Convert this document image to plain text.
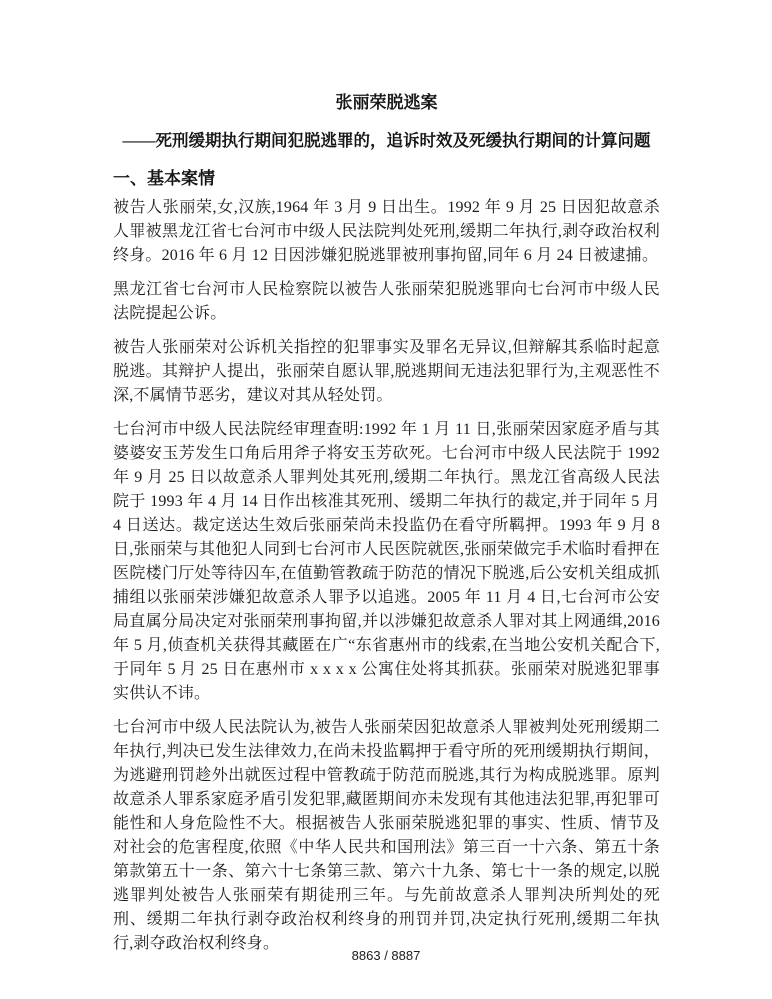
张丽荣脱逃案
——死刑缓期执行期间犯脱逃罪的，追诉时效及死缓执行期间的计算问题
一、基本案情
被告人张丽荣,女,汉族,1964 年 3 月 9 日出生。1992 年 9 月 25 日因犯故意杀人罪被黑龙江省七台河市中级人民法院判处死刑,缓期二年执行,剥夺政治权利终身。2016 年 6 月 12 日因涉嫌犯脱逃罪被刑事拘留,同年 6 月 24 日被逮捕。
黑龙江省七台河市人民检察院以被告人张丽荣犯脱逃罪向七台河市中级人民法院提起公诉。
被告人张丽荣对公诉机关指控的犯罪事实及罪名无异议,但辩解其系临时起意脱逃。其辩护人提出，张丽荣自愿认罪,脱逃期间无违法犯罪行为,主观恶性不深,不属情节恶劣，建议对其从轻处罚。
七台河市中级人民法院经审理查明:1992 年 1 月 11 日,张丽荣因家庭矛盾与其婆婆安玉芳发生口角后用斧子将安玉芳砍死。七台河市中级人民法院于 1992 年 9 月 25 日以故意杀人罪判处其死刑,缓期二年执行。黑龙江省高级人民法院于 1993 年 4 月 14 日作出核准其死刑、缓期二年执行的裁定,并于同年 5 月 4 日送达。裁定送达生效后张丽荣尚未投监仍在看守所羁押。1993 年 9 月 8 日,张丽荣与其他犯人同到七台河市人民医院就医,张丽荣做完手术临时看押在医院楼门厅处等待囚车,在值勤管教疏于防范的情况下脱逃,后公安机关组成抓捕组以张丽荣涉嫌犯故意杀人罪予以追逃。2005 年 11 月 4 日,七台河市公安局直属分局决定对张丽荣刑事拘留,并以涉嫌犯故意杀人罪对其上网通缉,2016 年 5 月,侦查机关获得其藏匿在广“东省惠州市的线索,在当地公安机关配合下,于同年 5 月 25 日在惠州市 x x x x 公寓住处将其抓获。张丽荣对脱逃犯罪事实供认不讳。
七台河市中级人民法院认为,被告人张丽荣因犯故意杀人罪被判处死刑缓期二年执行,判决已发生法律效力,在尚未投监羁押于看守所的死刑缓期执行期间，为逃避刑罚趁外出就医过程中管教疏于防范而脱逃,其行为构成脱逃罪。原判故意杀人罪系家庭矛盾引发犯罪,藏匿期间亦未发现有其他违法犯罪,再犯罪可能性和人身危险性不大。根据被告人张丽荣脱逃犯罪的事实、性质、情节及对社会的危害程度,依照《中华人民共和国刑法》第三百一十六条、第五十条第款第五十一条、第六十七条第三款、第六十九条、第七十一条的规定,以脱逃罪判处被告人张丽荣有期徒刑三年。与先前故意杀人罪判决所判处的死刑、缓期二年执行剥夺政治权利终身的刑罚并罚,决定执行死刑,缓期二年执行,剥夺政治权利终身。
8863 / 8887
